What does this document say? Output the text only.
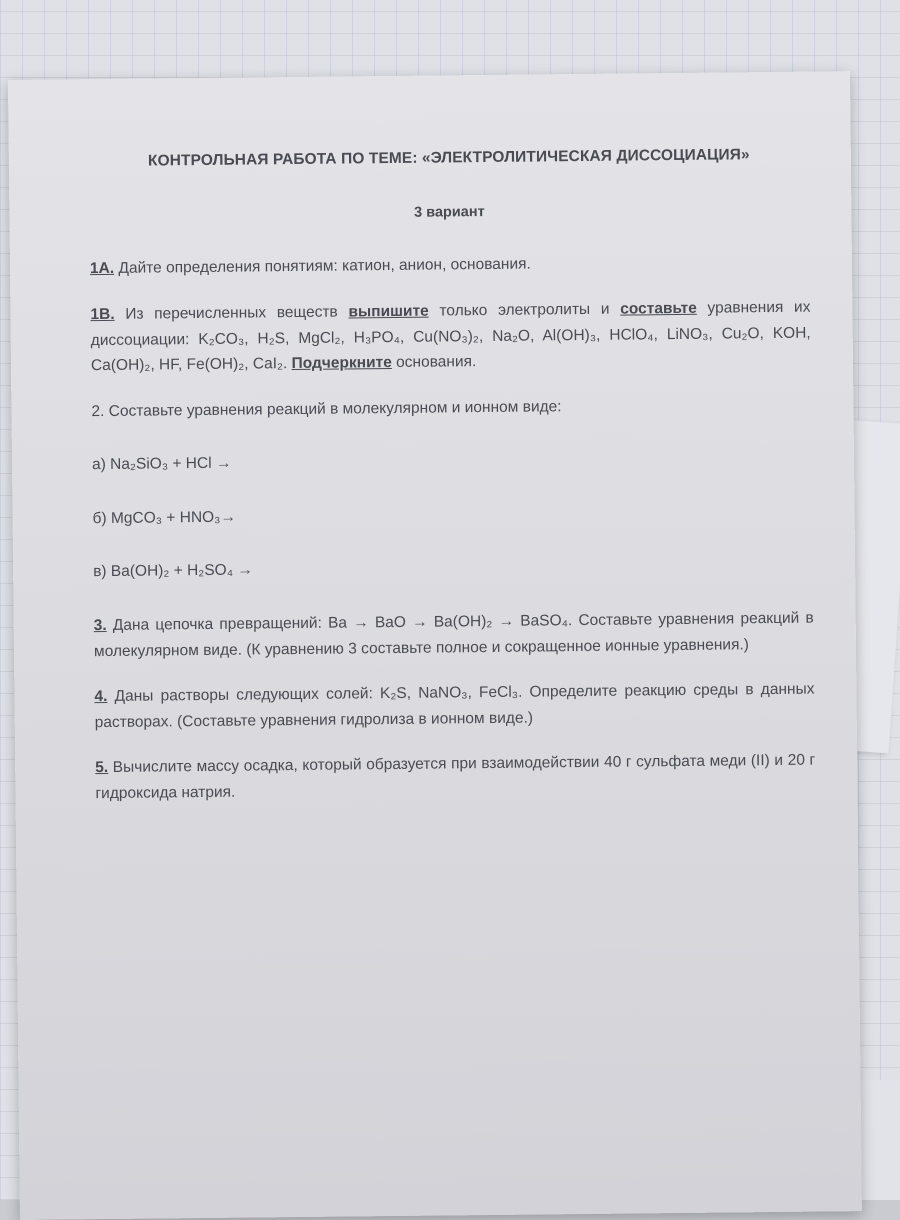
КОНТРОЛЬНАЯ РАБОТА ПО ТЕМЕ: «ЭЛЕКТРОЛИТИЧЕСКАЯ ДИССОЦИАЦИЯ»

3 вариант

1А. Дайте определения понятиям: катион, анион, основания.

1В. Из перечисленных веществ выпишите только электролиты и составьте уравнения их диссоциации: K₂CO₃, H₂S, MgCl₂, H₃PO₄, Cu(NO₃)₂, Na₂O, Al(OH)₃, HClO₄, LiNO₃, Cu₂O, KOH, Ca(OH)₂, HF, Fe(OH)₂, CaI₂. Подчеркните основания.

2. Составьте уравнения реакций в молекулярном и ионном виде:

а) Na₂SiO₃ + HCl →

б) MgCO₃ + HNO₃→

в) Ba(OH)₂ + H₂SO₄ →

3. Дана цепочка превращений: Ba → BaO → Ba(OH)₂ → BaSO₄. Составьте уравнения реакций в молекулярном виде. (К уравнению 3 составьте полное и сокращенное ионные уравнения.)

4. Даны растворы следующих солей: K₂S, NaNO₃, FeCl₃. Определите реакцию среды в данных растворах. (Составьте уравнения гидролиза в ионном виде.)

5. Вычислите массу осадка, который образуется при взаимодействии 40 г сульфата меди (II) и 20 г гидроксида натрия.
